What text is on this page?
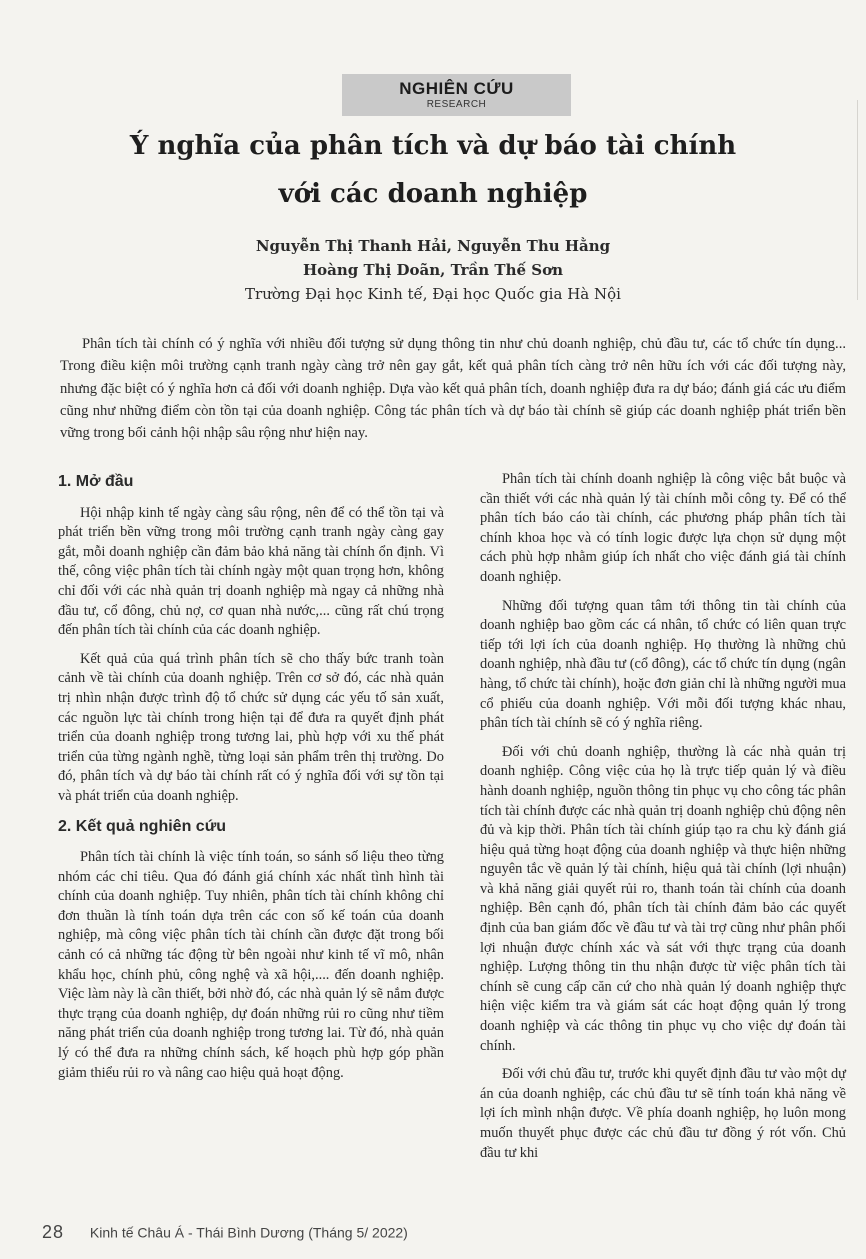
NGHIÊN CỨU
RESEARCH
Ý nghĩa của phân tích và dự báo tài chính
với các doanh nghiệp
Nguyễn Thị Thanh Hải, Nguyễn Thu Hằng
Hoàng Thị Doãn, Trần Thế Sơn
Trường Đại học Kinh tế, Đại học Quốc gia Hà Nội
Phân tích tài chính có ý nghĩa với nhiều đối tượng sử dụng thông tin như chủ doanh nghiệp, chủ đầu tư, các tổ chức tín dụng... Trong điều kiện môi trường cạnh tranh ngày càng trở nên gay gắt, kết quả phân tích càng trở nên hữu ích với các đối tượng này, nhưng đặc biệt có ý nghĩa hơn cả đối với doanh nghiệp. Dựa vào kết quả phân tích, doanh nghiệp đưa ra dự báo; đánh giá các ưu điểm cũng như những điểm còn tồn tại của doanh nghiệp. Công tác phân tích và dự báo tài chính sẽ giúp các doanh nghiệp phát triển bền vững trong bối cảnh hội nhập sâu rộng như hiện nay.
1. Mở đầu

Hội nhập kinh tế ngày càng sâu rộng, nên để có thể tồn tại và phát triển bền vững trong môi trường cạnh tranh ngày càng gay gắt, mỗi doanh nghiệp cần đảm bảo khả năng tài chính ổn định. Vì thế, công việc phân tích tài chính ngày một quan trọng hơn, không chỉ đối với các nhà quản trị doanh nghiệp mà ngay cả những nhà đầu tư, cổ đông, chủ nợ, cơ quan nhà nước,... cũng rất chú trọng đến phân tích tài chính của các doanh nghiệp.

Kết quả của quá trình phân tích sẽ cho thấy bức tranh toàn cảnh về tài chính của doanh nghiệp. Trên cơ sở đó, các nhà quản trị nhìn nhận được trình độ tổ chức sử dụng các yếu tố sản xuất, các nguồn lực tài chính trong hiện tại để đưa ra quyết định phát triển của doanh nghiệp trong tương lai, phù hợp với xu thế phát triển của từng ngành nghề, từng loại sản phẩm trên thị trường. Do đó, phân tích và dự báo tài chính rất có ý nghĩa đối với sự tồn tại và phát triển của doanh nghiệp.

2. Kết quả nghiên cứu

Phân tích tài chính là việc tính toán, so sánh số liệu theo từng nhóm các chỉ tiêu. Qua đó đánh giá chính xác nhất tình hình tài chính của doanh nghiệp. Tuy nhiên, phân tích tài chính không chỉ đơn thuần là tính toán dựa trên các con số kế toán của doanh nghiệp, mà công việc phân tích tài chính cần được đặt trong bối cảnh có cả những tác động từ bên ngoài như kinh tế vĩ mô, nhân khẩu học, chính phủ, công nghệ và xã hội,.... đến doanh nghiệp. Việc làm này là cần thiết, bởi nhờ đó, các nhà quản lý sẽ nắm được thực trạng của doanh nghiệp, dự đoán những rủi ro cũng như tiềm năng phát triển của doanh nghiệp trong tương lai. Từ đó, nhà quản lý có thể đưa ra những chính sách, kế hoạch phù hợp góp phần giảm thiểu rủi ro và nâng cao hiệu quả hoạt động.

Phân tích tài chính doanh nghiệp là công việc bắt buộc và cần thiết với các nhà quản lý tài chính mỗi công ty. Để có thể phân tích báo cáo tài chính, các phương pháp phân tích tài chính khoa học và có tính logic được lựa chọn sử dụng một cách phù hợp nhằm giúp ích nhất cho việc đánh giá tài chính doanh nghiệp.

Những đối tượng quan tâm tới thông tin tài chính của doanh nghiệp bao gồm các cá nhân, tổ chức có liên quan trực tiếp tới lợi ích của doanh nghiệp. Họ thường là những chủ doanh nghiệp, nhà đầu tư (cổ đông), các tổ chức tín dụng (ngân hàng, tổ chức tài chính), hoặc đơn giản chỉ là những người mua cổ phiếu của doanh nghiệp. Với mỗi đối tượng khác nhau, phân tích tài chính sẽ có ý nghĩa riêng.

Đối với chủ doanh nghiệp, thường là các nhà quản trị doanh nghiệp. Công việc của họ là trực tiếp quản lý và điều hành doanh nghiệp, nguồn thông tin phục vụ cho công tác phân tích tài chính được các nhà quản trị doanh nghiệp chủ động nên đủ và kịp thời. Phân tích tài chính giúp tạo ra chu kỳ đánh giá hiệu quả từng hoạt động của doanh nghiệp và thực hiện những nguyên tắc về quản lý tài chính, hiệu quả tài chính (lợi nhuận) và khả năng giải quyết rủi ro, thanh toán tài chính của doanh nghiệp. Bên cạnh đó, phân tích tài chính đảm bảo các quyết định của ban giám đốc về đầu tư và tài trợ cũng như phân phối lợi nhuận được chính xác và sát với thực trạng của doanh nghiệp. Lượng thông tin thu nhận được từ việc phân tích tài chính sẽ cung cấp căn cứ cho nhà quản lý doanh nghiệp thực hiện việc kiểm tra và giám sát các hoạt động quản lý trong doanh nghiệp và các thông tin phục vụ cho việc dự đoán tài chính.

Đối với chủ đầu tư, trước khi quyết định đầu tư vào một dự án của doanh nghiệp, các chủ đầu tư sẽ tính toán khả năng về lợi ích mình nhận được. Về phía doanh nghiệp, họ luôn mong muốn thuyết phục được các chủ đầu tư đồng ý rót vốn. Chủ đầu tư khi

28 Kinh tế Châu Á - Thái Bình Dương (Tháng 5/ 2022)
